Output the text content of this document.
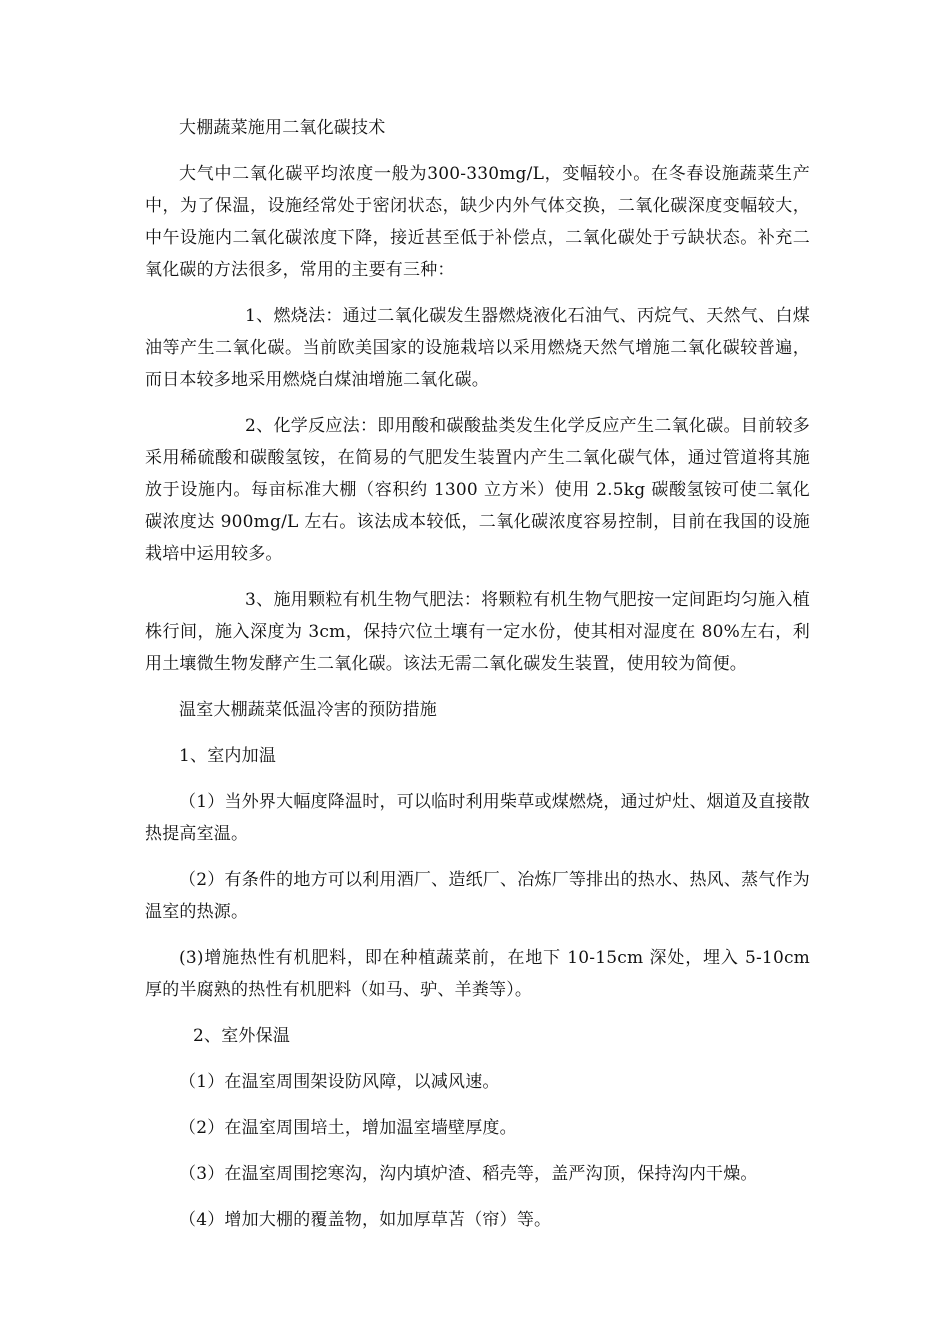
大棚蔬菜施用二氧化碳技术

大气中二氧化碳平均浓度一般为300-330mg/L，变幅较小。在冬春设施蔬菜生产中，为了保温，设施经常处于密闭状态，缺少内外气体交换，二氧化碳深度变幅较大，中午设施内二氧化碳浓度下降，接近甚至低于补偿点，二氧化碳处于亏缺状态。补充二氧化碳的方法很多，常用的主要有三种：

1、燃烧法：通过二氧化碳发生器燃烧液化石油气、丙烷气、天然气、白煤油等产生二氧化碳。当前欧美国家的设施栽培以采用燃烧天然气增施二氧化碳较普遍，而日本较多地采用燃烧白煤油增施二氧化碳。

2、化学反应法：即用酸和碳酸盐类发生化学反应产生二氧化碳。目前较多采用稀硫酸和碳酸氢铵，在简易的气肥发生装置内产生二氧化碳气体，通过管道将其施放于设施内。每亩标准大棚（容积约 1300 立方米）使用 2.5kg 碳酸氢铵可使二氧化碳浓度达 900mg/L 左右。该法成本较低，二氧化碳浓度容易控制，目前在我国的设施栽培中运用较多。

3、施用颗粒有机生物气肥法：将颗粒有机生物气肥按一定间距均匀施入植株行间，施入深度为 3cm，保持穴位土壤有一定水份，使其相对湿度在 80%左右，利用土壤微生物发酵产生二氧化碳。该法无需二氧化碳发生装置，使用较为简便。

温室大棚蔬菜低温冷害的预防措施

1、室内加温

（1）当外界大幅度降温时，可以临时利用柴草或煤燃烧，通过炉灶、烟道及直接散热提高室温。

（2）有条件的地方可以利用酒厂、造纸厂、冶炼厂等排出的热水、热风、蒸气作为温室的热源。

(3)增施热性有机肥料，即在种植蔬菜前，在地下 10-15cm 深处，埋入 5-10cm 厚的半腐熟的热性有机肥料（如马、驴、羊粪等）。

2、室外保温

（1）在温室周围架设防风障，以减风速。

（2）在温室周围培土，增加温室墙壁厚度。

（3）在温室周围挖寒沟，沟内填炉渣、稻壳等，盖严沟顶，保持沟内干燥。

（4）增加大棚的覆盖物，如加厚草苫（帘）等。
